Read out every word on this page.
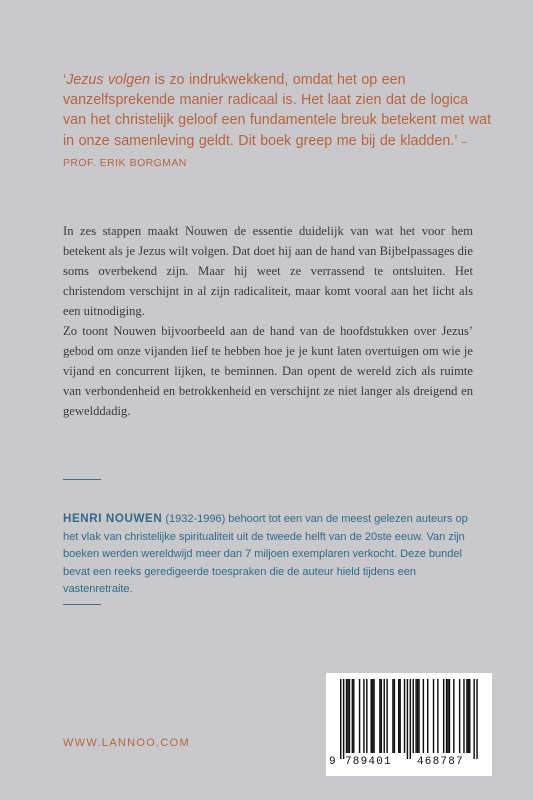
‘Jezus volgen is zo indrukwekkend, omdat het op een vanzelfsprekende manier radicaal is. Het laat zien dat de logica van het christelijk geloof een fundamentele breuk betekent met wat in onze samenleving geldt. Dit boek greep me bij de kladden.’ – PROF. ERIK BORGMAN

In zes stappen maakt Nouwen de essentie duidelijk van wat het voor hem betekent als je Jezus wilt volgen. Dat doet hij aan de hand van Bijbelpassages die soms overbekend zijn. Maar hij weet ze verrassend te ontsluiten. Het christendom verschijnt in al zijn radicaliteit, maar komt vooral aan het licht als een uitnodiging.

Zo toont Nouwen bijvoorbeeld aan de hand van de hoofdstukken over Jezus’ gebod om onze vijanden lief te hebben hoe je je kunt laten overtuigen om wie je vijand en concurrent lijken, te beminnen. Dan opent de wereld zich als ruimte van verbondenheid en betrokkenheid en verschijnt ze niet langer als dreigend en gewelddadig.

HENRI NOUWEN (1932-1996) behoort tot een van de meest gelezen auteurs op het vlak van christelijke spiritualiteit uit de tweede helft van de 20ste eeuw. Van zijn boeken werden wereldwijd meer dan 7 miljoen exemplaren verkocht. Deze bundel bevat een reeks geredigeerde toespraken die de auteur hield tijdens een vastenretraite.

WWW.LANNOO.COM
9 789401 468787
